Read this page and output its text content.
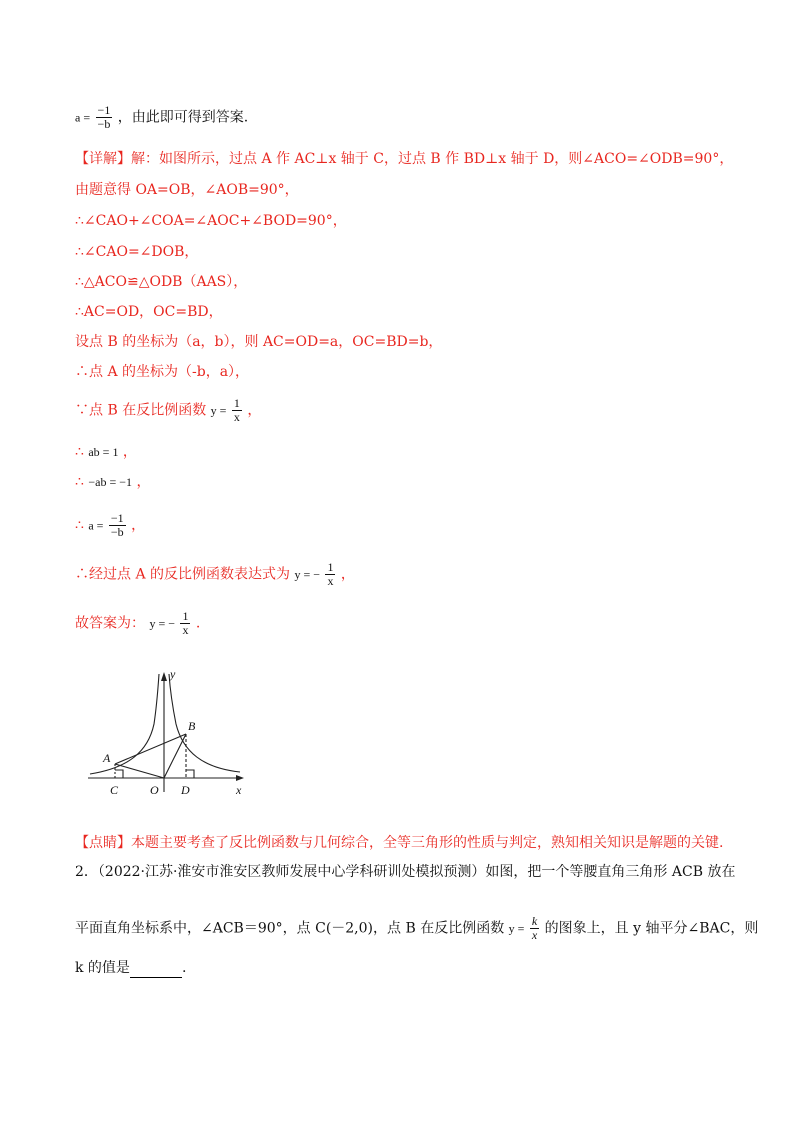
$a = \frac{-1}{-b}$ ，由此即可得到答案.
【详解】解：如图所示，过点 A 作 AC⊥x 轴于 C，过点 B 作 BD⊥x 轴于 D，则∠ACO=∠ODB=90°，
由题意得 OA=OB，∠AOB=90°，
∴∠CAO+∠COA=∠AOC+∠BOD=90°，
∴∠CAO=∠DOB，
∴△ACO≌△ODB（AAS），
∴AC=OD，OC=BD，
设点 B 的坐标为（a，b），则 AC=OD=a，OC=BD=b，
∴点 A 的坐标为（-b，a），
∵点 B 在反比例函数 $y = \frac{1}{x}$ ，
∴ ab = 1 ，
∴ −ab = −1 ，
∴ $a = \frac{-1}{-b}$ ，
∴经过点 A 的反比例函数表达式为 y = − $\frac{1}{x}$ ，
故答案为： y = − $\frac{1}{x}$ .
y
B
A
C	O D	x
【点睛】本题主要考查了反比例函数与几何综合，全等三角形的性质与判定，熟知相关知识是解题的关键.
2．（2022·江苏·淮安市淮安区教师发展中心学科研训处模拟预测）如图，把一个等腰直角三角形 ACB 放在
平面直角坐标系中，∠ACB＝90°，点 C(－2,0)，点 B 在反比例函数 $y = \frac{k}{x}$ 的图象上，且 y 轴平分∠BAC，则
k 的值是	.
